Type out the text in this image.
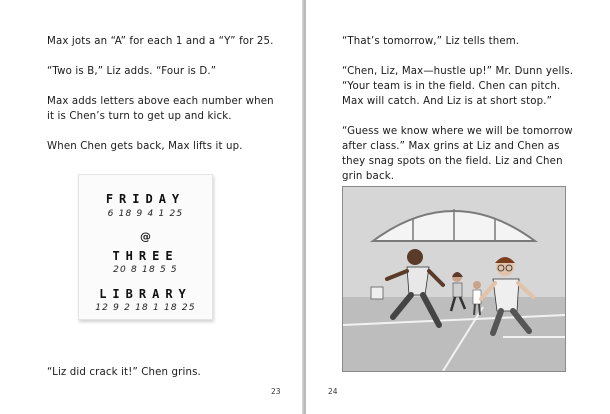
Max jots an “A” for each 1 and a “Y” for 25.

“Two is B,” Liz adds. “Four is D.”

Max adds letters above each number when
it is Chen’s turn to get up and kick.

When Chen gets back, Max lifts it up.

FRIDAY
6 18 9 4 1 25
@
THREE
20 8 18 5 5
LIBRARY
12 9 2 18 1 18 25

“Liz did crack it!” Chen grins.

23

“That’s tomorrow,” Liz tells them.

“Chen, Liz, Max—hustle up!” Mr. Dunn yells.
“Your team is in the field. Chen can pitch.
Max will catch. And Liz is at short stop.”

“Guess we know where we will be tomorrow
after class.” Max grins at Liz and Chen as
they snag spots on the field. Liz and Chen
grin back.

24
